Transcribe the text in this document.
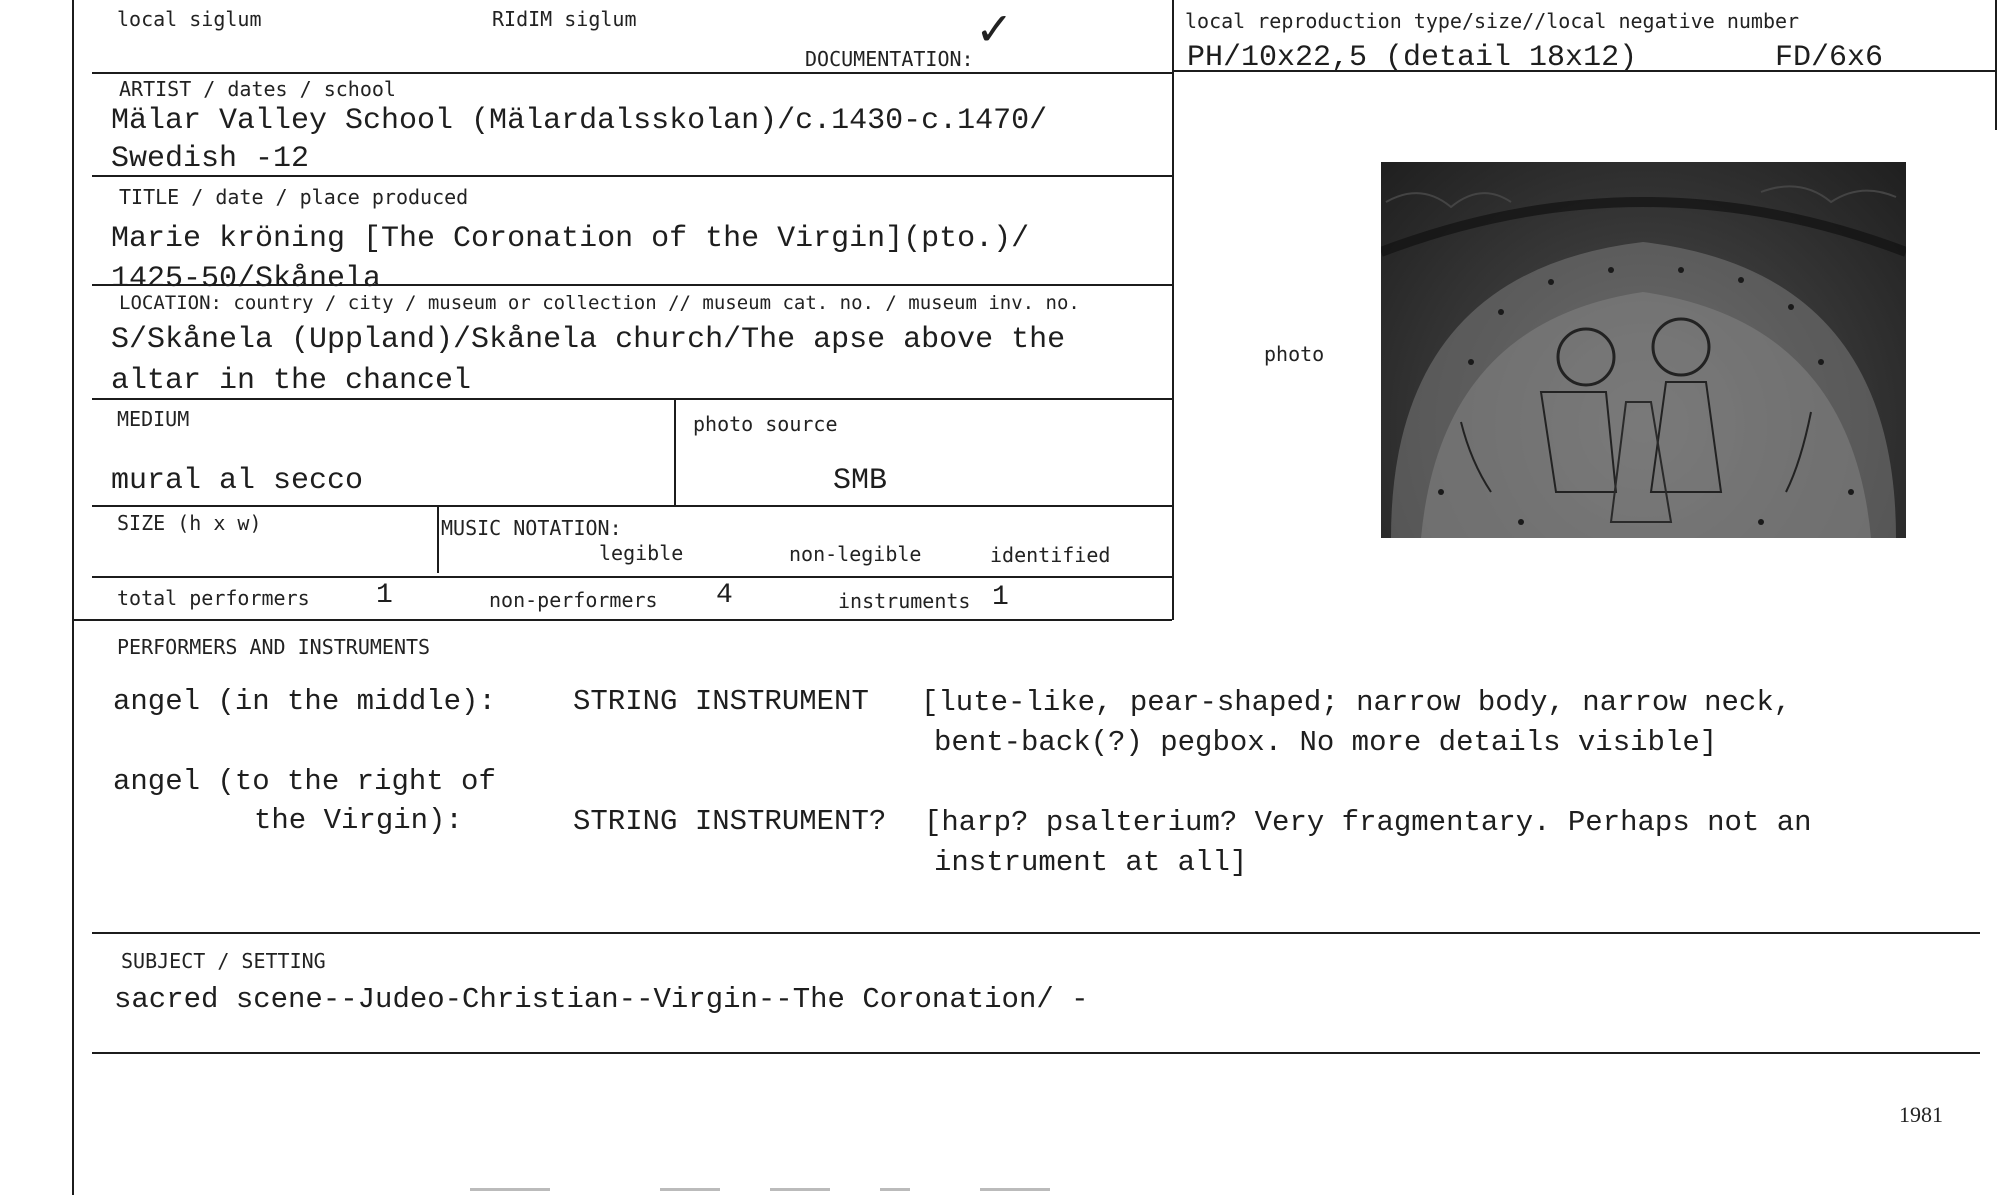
local siglum	RIdIM siglum
DOCUMENTATION:
✓	local reproduction type/size//local negative number
PH/10x22,5 (detail 18x12)	FD/6x6
ARTIST / dates / school
Mälar Valley School (Mälardalsskolan)/c.1430-c.1470/
Swedish -12
TITLE / date / place produced
Marie kröning [The Coronation of the Virgin](pto.)/
1425-50/Skånela
LOCATION: country / city / museum or collection // museum cat. no. / museum inv. no.
S/Skånela (Uppland)/Skånela church/The apse above the
altar in the chancel
MEDIUM
mural al secco
photo source
SMB
SIZE (h x w)	MUSIC NOTATION:
legible	non-legible	identified
total performers 1	non-performers 4	instruments 1
photo
PERFORMERS AND INSTRUMENTS
angel (in the middle):	STRING INSTRUMENT [lute-like, pear-shaped; narrow body, narrow neck,
bent-back(?) pegbox. No more details visible]
angel (to the right of
the Virgin):	STRING INSTRUMENT? [harp? psalterium? Very fragmentary. Perhaps not an
instrument at all]
SUBJECT / SETTING
sacred scene--Judeo-Christian--Virgin--The Coronation/ -
1981
